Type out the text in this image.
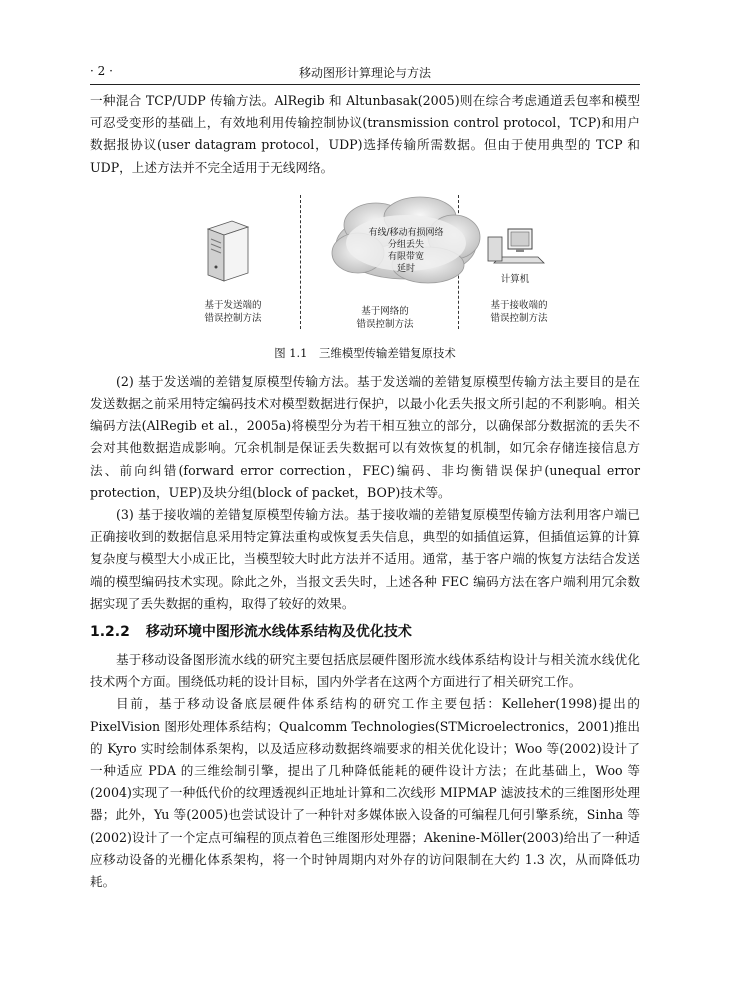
· 2 ·	移动图形计算理论与方法

一种混合 TCP/UDP 传输方法。AlRegib 和 Altunbasak(2005)则在综合考虑通道丢包率和模型可忍受变形的基础上，有效地利用传输控制协议(transmission control protocol，TCP)和用户数据报协议(user datagram protocol，UDP)选择传输所需数据。但由于使用典型的 TCP 和 UDP，上述方法并不完全适用于无线网络。

有线/移动有损网络
分组丢失
有限带宽
延时
计算机
基于发送端的
错误控制方法
基于网络的
错误控制方法
基于接收端的
错误控制方法
图 1.1 三维模型传输差错复原技术

(2) 基于发送端的差错复原模型传输方法。基于发送端的差错复原模型传输方法主要目的是在发送数据之前采用特定编码技术对模型数据进行保护，以最小化丢失报文所引起的不利影响。相关编码方法(AlRegib et al.，2005a)将模型分为若干相互独立的部分，以确保部分数据流的丢失不会对其他数据造成影响。冗余机制是保证丢失数据可以有效恢复的机制，如冗余存储连接信息方法、前向纠错(forward error correction，FEC)编码、非均衡错误保护(unequal error protection，UEP)及块分组(block of packet，BOP)技术等。

(3) 基于接收端的差错复原模型传输方法。基于接收端的差错复原模型传输方法利用客户端已正确接收到的数据信息采用特定算法重构或恢复丢失信息，典型的如插值运算，但插值运算的计算复杂度与模型大小成正比，当模型较大时此方法并不适用。通常，基于客户端的恢复方法结合发送端的模型编码技术实现。除此之外，当报文丢失时，上述各种 FEC 编码方法在客户端利用冗余数据实现了丢失数据的重构，取得了较好的效果。

1.2.2 移动环境中图形流水线体系结构及优化技术

基于移动设备图形流水线的研究主要包括底层硬件图形流水线体系结构设计与相关流水线优化技术两个方面。围绕低功耗的设计目标，国内外学者在这两个方面进行了相关研究工作。

目前，基于移动设备底层硬件体系结构的研究工作主要包括：Kelleher(1998)提出的 PixelVision 图形处理体系结构；Qualcomm Technologies(STMicroelectronics，2001)推出的 Kyro 实时绘制体系架构，以及适应移动数据终端要求的相关优化设计；Woo 等(2002)设计了一种适应 PDA 的三维绘制引擎，提出了几种降低能耗的硬件设计方法；在此基础上，Woo 等(2004)实现了一种低代价的纹理透视纠正地址计算和二次线形 MIPMAP 滤波技术的三维图形处理器；此外，Yu 等(2005)也尝试设计了一种针对多媒体嵌入设备的可编程几何引擎系统，Sinha 等(2002)设计了一个定点可编程的顶点着色三维图形处理器；Akenine-Möller(2003)给出了一种适应移动设备的光栅化体系架构，将一个时钟周期内对外存的访问限制在大约 1.3 次，从而降低功耗。
